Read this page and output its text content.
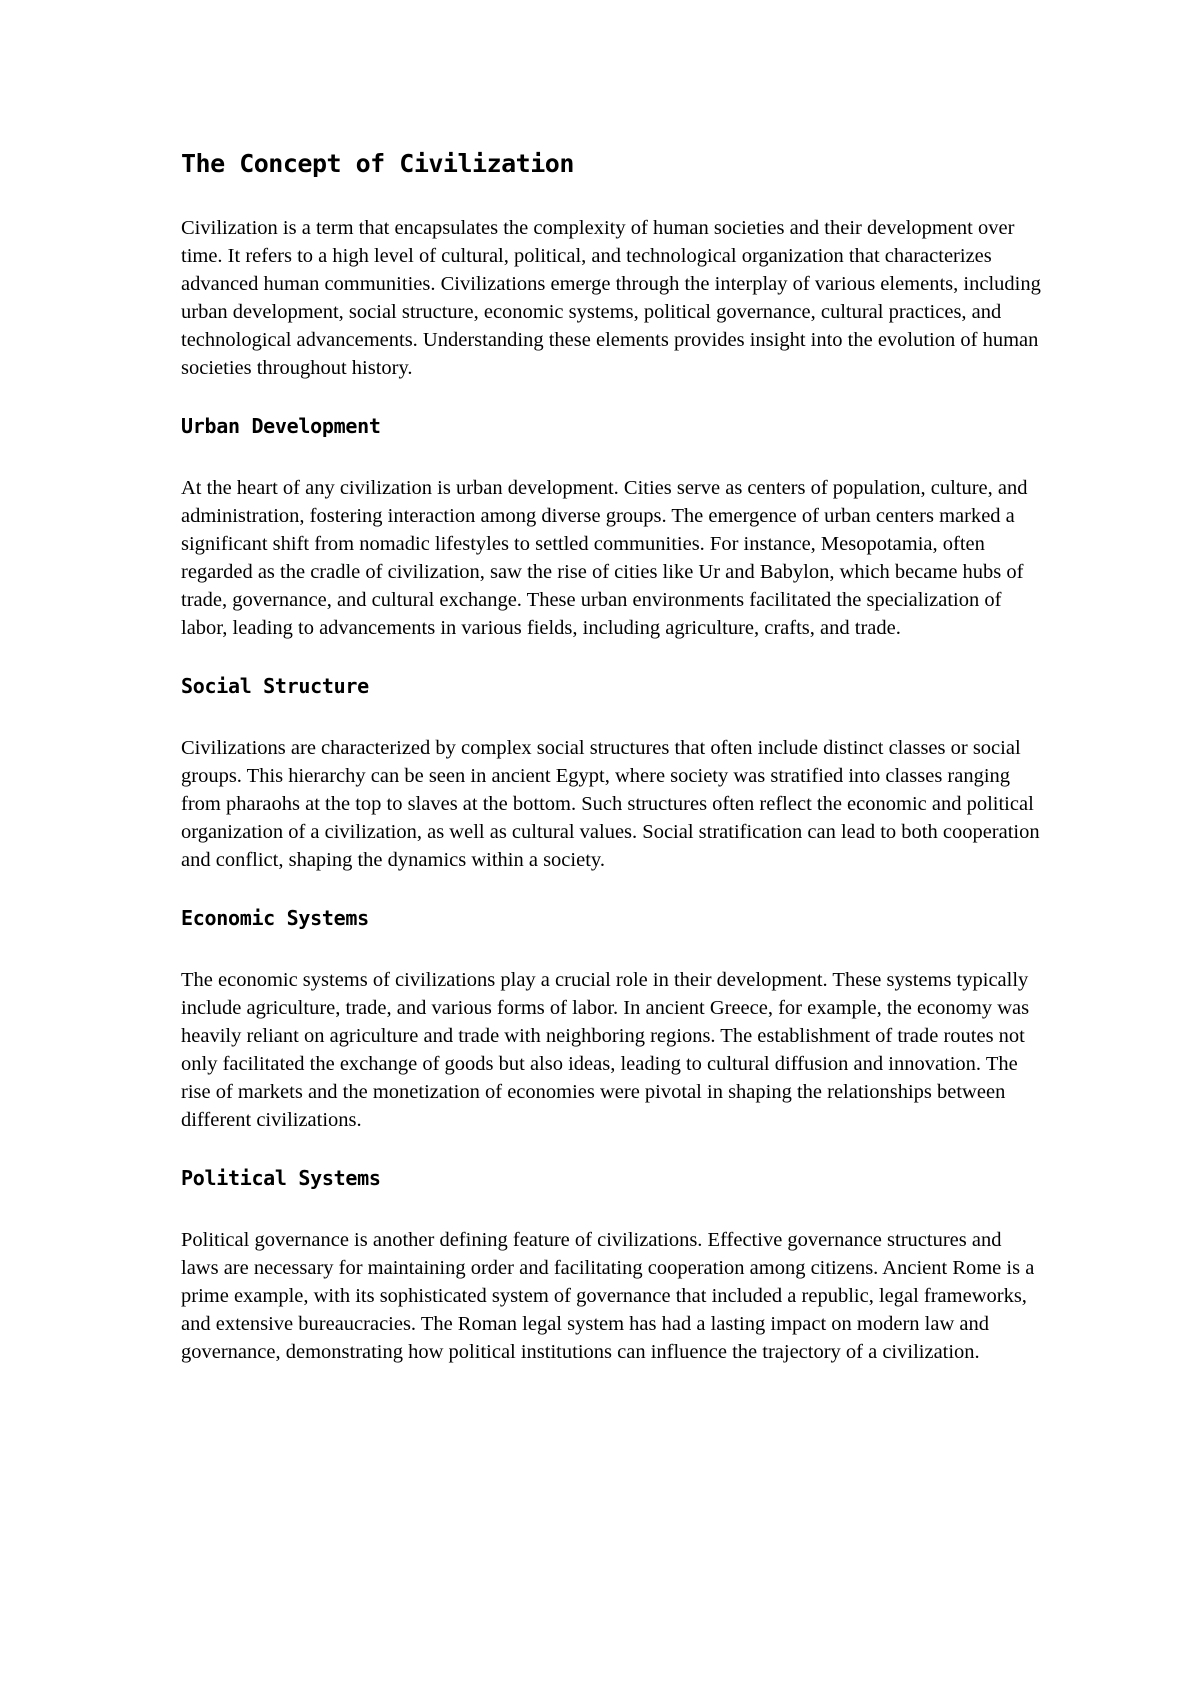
The Concept of Civilization

Civilization is a term that encapsulates the complexity of human societies and their development over time. It refers to a high level of cultural, political, and technological organization that characterizes advanced human communities. Civilizations emerge through the interplay of various elements, including urban development, social structure, economic systems, political governance, cultural practices, and technological advancements. Understanding these elements provides insight into the evolution of human societies throughout history.

Urban Development

At the heart of any civilization is urban development. Cities serve as centers of population, culture, and administration, fostering interaction among diverse groups. The emergence of urban centers marked a significant shift from nomadic lifestyles to settled communities. For instance, Mesopotamia, often regarded as the cradle of civilization, saw the rise of cities like Ur and Babylon, which became hubs of trade, governance, and cultural exchange. These urban environments facilitated the specialization of labor, leading to advancements in various fields, including agriculture, crafts, and trade.

Social Structure

Civilizations are characterized by complex social structures that often include distinct classes or social groups. This hierarchy can be seen in ancient Egypt, where society was stratified into classes ranging from pharaohs at the top to slaves at the bottom. Such structures often reflect the economic and political organization of a civilization, as well as cultural values. Social stratification can lead to both cooperation and conflict, shaping the dynamics within a society.

Economic Systems

The economic systems of civilizations play a crucial role in their development. These systems typically include agriculture, trade, and various forms of labor. In ancient Greece, for example, the economy was heavily reliant on agriculture and trade with neighboring regions. The establishment of trade routes not only facilitated the exchange of goods but also ideas, leading to cultural diffusion and innovation. The rise of markets and the monetization of economies were pivotal in shaping the relationships between different civilizations.

Political Systems

Political governance is another defining feature of civilizations. Effective governance structures and laws are necessary for maintaining order and facilitating cooperation among citizens. Ancient Rome is a prime example, with its sophisticated system of governance that included a republic, legal frameworks, and extensive bureaucracies. The Roman legal system has had a lasting impact on modern law and governance, demonstrating how political institutions can influence the trajectory of a civilization.
